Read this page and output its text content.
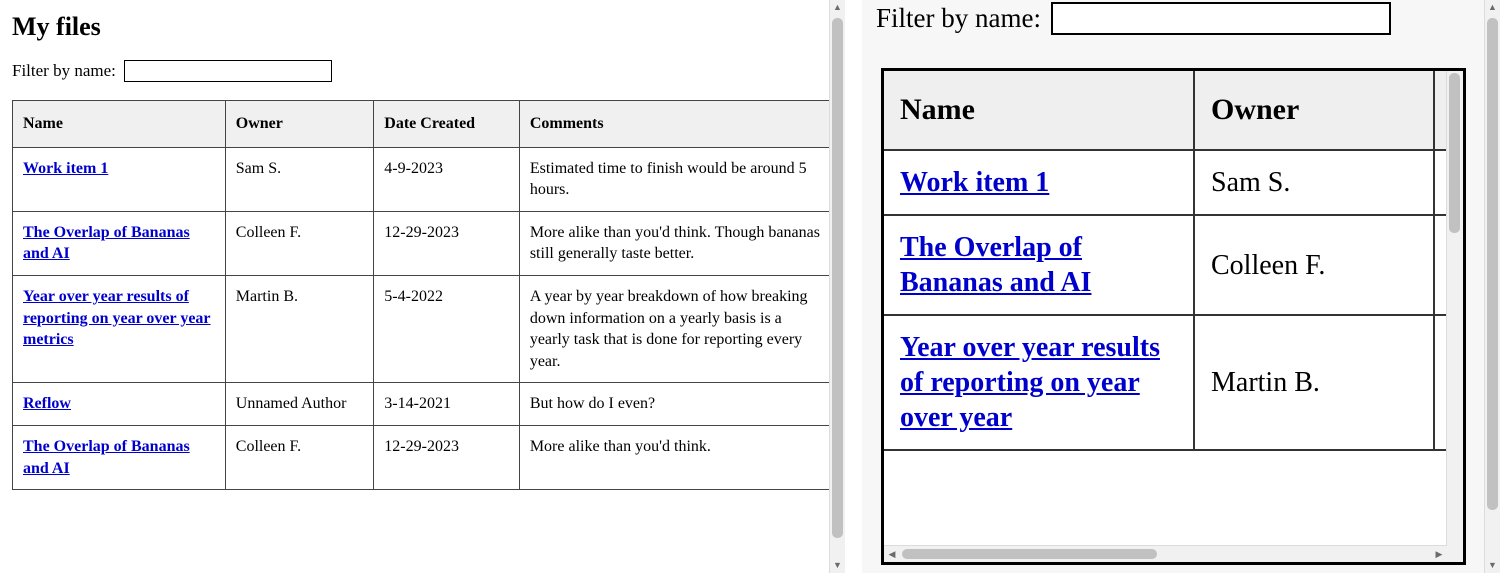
My files
Filter by name:
Name	Owner	Date Created	Comments
Work item 1	Sam S.	4-9-2023	Estimated time to finish would be around 5 hours.
The Overlap of Bananas and AI	Colleen F.	12-29-2023	More alike than you'd think. Though bananas still generally taste better.
Year over year results of reporting on year over year metrics	Martin B.	5-4-2022	A year by year breakdown of how breaking down information on a yearly basis is a yearly task that is done for reporting every year.
Reflow	Unnamed Author	3-14-2021	But how do I even?
The Overlap of Bananas and AI	Colleen F.	12-29-2023	More alike than you'd think.
▲
▼
Filter by name:
Name	Owner	
Work item 1	Sam S.	
The Overlap of Bananas and AI	Colleen F.	
Year over year results of reporting on year over year	Martin B.	
◀	▶
▲
▼
